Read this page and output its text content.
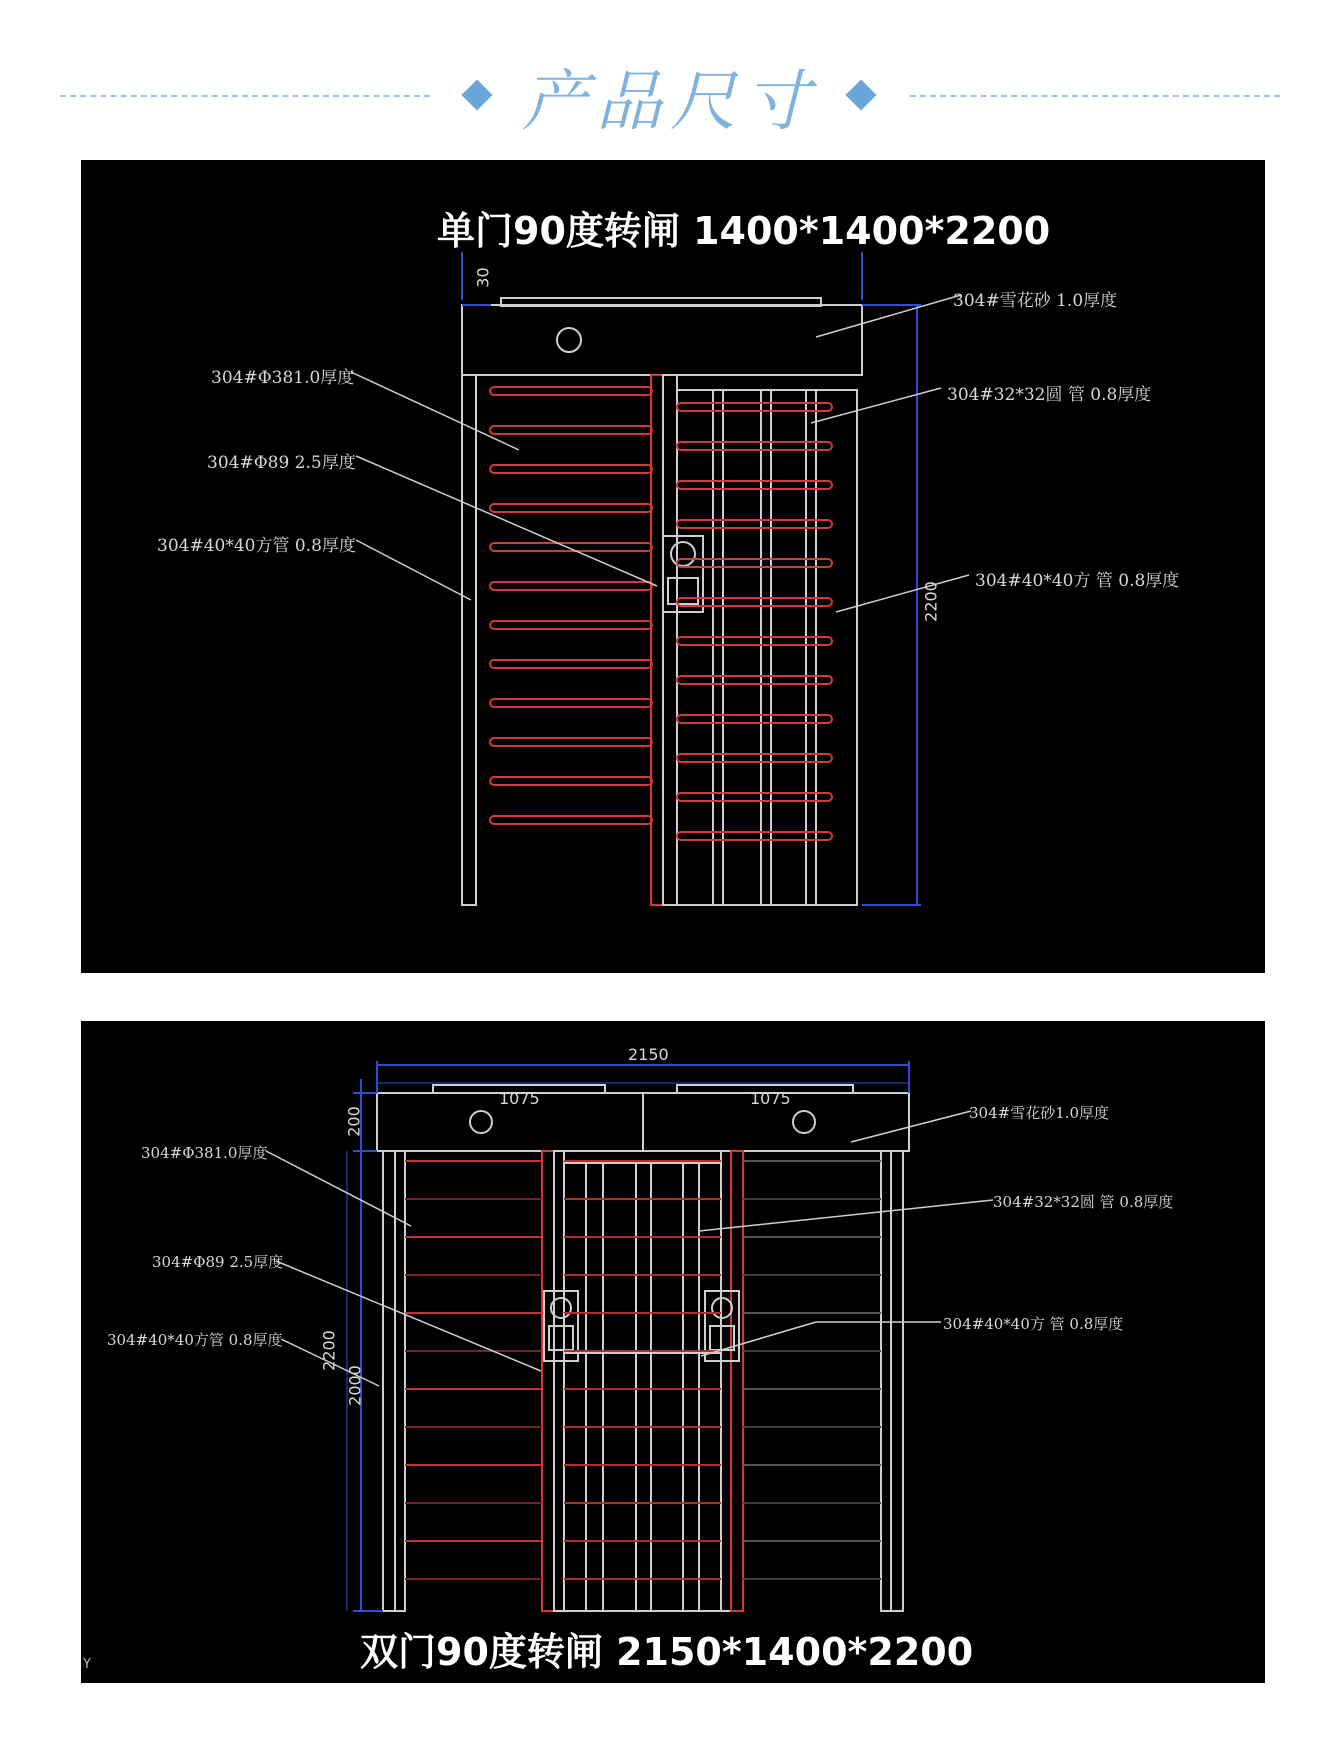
产品尺寸
单门90度转闸 1400*1400*2200
30
2200
304#雪花砂 1.0厚度
304#32*32圆 管 0.8厚度
304#Φ381.0厚度
304#Φ89 2.5厚度
304#40*40方管 0.8厚度
304#40*40方 管 0.8厚度
2150
1075	1075
200
2200
2000
304#雪花砂1.0厚度
304#32*32圆 管 0.8厚度
304#40*40方 管 0.8厚度
304#Φ381.0厚度
304#Φ89 2.5厚度
304#40*40方管 0.8厚度
双门90度转闸 2150*1400*2200
Y
